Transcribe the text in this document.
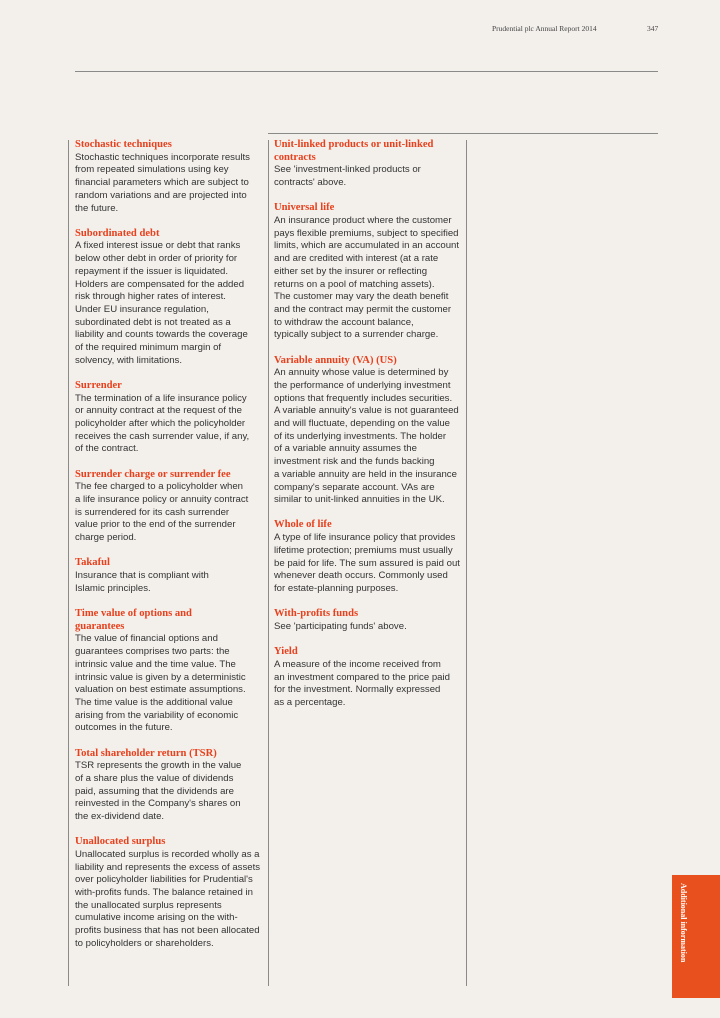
Prudential plc Annual Report 2014	347

Stochastic techniques

Stochastic techniques incorporate results
from repeated simulations using key
financial parameters which are subject to
random variations and are projected into
the future.

Subordinated debt

A fixed interest issue or debt that ranks
below other debt in order of priority for
repayment if the issuer is liquidated.
Holders are compensated for the added
risk through higher rates of interest.
Under EU insurance regulation,
subordinated debt is not treated as a
liability and counts towards the coverage
of the required minimum margin of
solvency, with limitations.

Surrender

The termination of a life insurance policy
or annuity contract at the request of the
policyholder after which the policyholder
receives the cash surrender value, if any,
of the contract.

Surrender charge or surrender fee

The fee charged to a policyholder when
a life insurance policy or annuity contract
is surrendered for its cash surrender
value prior to the end of the surrender
charge period.

Takaful

Insurance that is compliant with
Islamic principles.

Time value of options and
guarantees

The value of financial options and
guarantees comprises two parts: the
intrinsic value and the time value. The
intrinsic value is given by a deterministic
valuation on best estimate assumptions.
The time value is the additional value
arising from the variability of economic
outcomes in the future.

Total shareholder return (TSR)

TSR represents the growth in the value
of a share plus the value of dividends
paid, assuming that the dividends are
reinvested in the Company's shares on
the ex-dividend date.

Unallocated surplus

Unallocated surplus is recorded wholly as a
liability and represents the excess of assets
over policyholder liabilities for Prudential's
with-profits funds. The balance retained in
the unallocated surplus represents
cumulative income arising on the with-
profits business that has not been allocated
to policyholders or shareholders.

Unit-linked products or unit-linked
contracts

See 'investment-linked products or
contracts' above.

Universal life

An insurance product where the customer
pays flexible premiums, subject to specified
limits, which are accumulated in an account
and are credited with interest (at a rate
either set by the insurer or reflecting
returns on a pool of matching assets).
The customer may vary the death benefit
and the contract may permit the customer
to withdraw the account balance,
typically subject to a surrender charge.

Variable annuity (VA) (US)

An annuity whose value is determined by
the performance of underlying investment
options that frequently includes securities.
A variable annuity's value is not guaranteed
and will fluctuate, depending on the value
of its underlying investments. The holder
of a variable annuity assumes the
investment risk and the funds backing
a variable annuity are held in the insurance
company's separate account. VAs are
similar to unit-linked annuities in the UK.

Whole of life

A type of life insurance policy that provides
lifetime protection; premiums must usually
be paid for life. The sum assured is paid out
whenever death occurs. Commonly used
for estate-planning purposes.

With-profits funds

See 'participating funds' above.

Yield

A measure of the income received from
an investment compared to the price paid
for the investment. Normally expressed
as a percentage.

Additional information
